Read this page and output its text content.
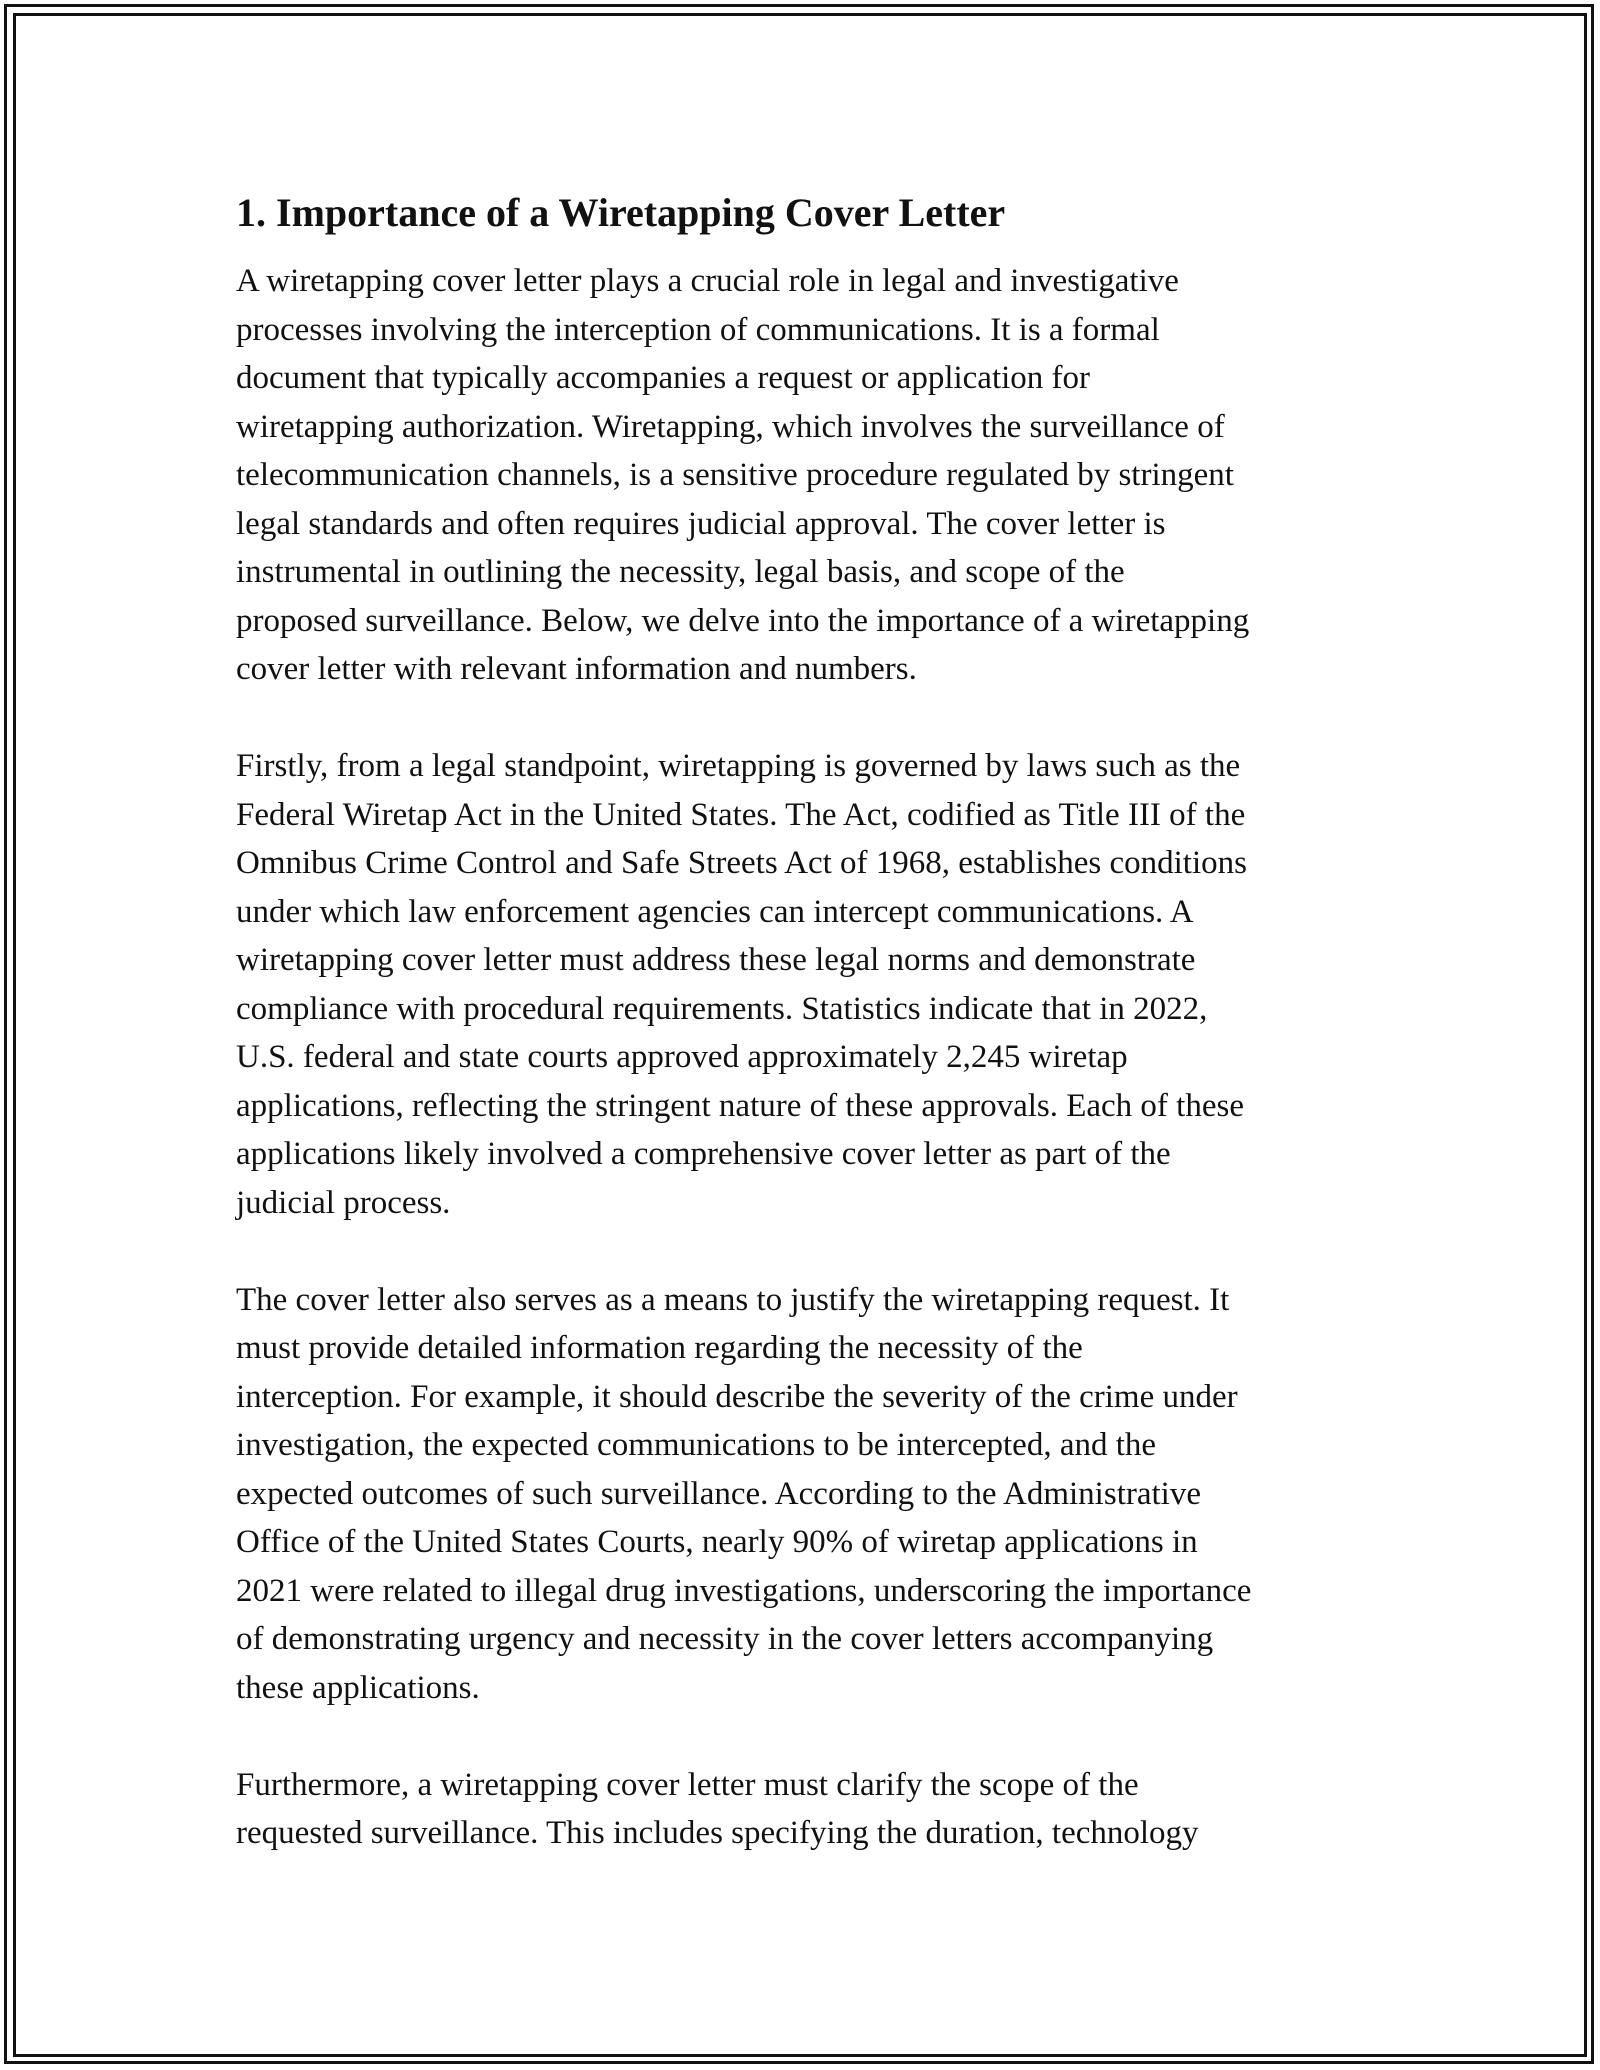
1. Importance of a Wiretapping Cover Letter

A wiretapping cover letter plays a crucial role in legal and investigative
processes involving the interception of communications. It is a formal
document that typically accompanies a request or application for
wiretapping authorization. Wiretapping, which involves the surveillance of
telecommunication channels, is a sensitive procedure regulated by stringent
legal standards and often requires judicial approval. The cover letter is
instrumental in outlining the necessity, legal basis, and scope of the
proposed surveillance. Below, we delve into the importance of a wiretapping
cover letter with relevant information and numbers.

Firstly, from a legal standpoint, wiretapping is governed by laws such as the
Federal Wiretap Act in the United States. The Act, codified as Title III of the
Omnibus Crime Control and Safe Streets Act of 1968, establishes conditions
under which law enforcement agencies can intercept communications. A
wiretapping cover letter must address these legal norms and demonstrate
compliance with procedural requirements. Statistics indicate that in 2022,
U.S. federal and state courts approved approximately 2,245 wiretap
applications, reflecting the stringent nature of these approvals. Each of these
applications likely involved a comprehensive cover letter as part of the
judicial process.

The cover letter also serves as a means to justify the wiretapping request. It
must provide detailed information regarding the necessity of the
interception. For example, it should describe the severity of the crime under
investigation, the expected communications to be intercepted, and the
expected outcomes of such surveillance. According to the Administrative
Office of the United States Courts, nearly 90% of wiretap applications in
2021 were related to illegal drug investigations, underscoring the importance
of demonstrating urgency and necessity in the cover letters accompanying
these applications.

Furthermore, a wiretapping cover letter must clarify the scope of the
requested surveillance. This includes specifying the duration, technology
